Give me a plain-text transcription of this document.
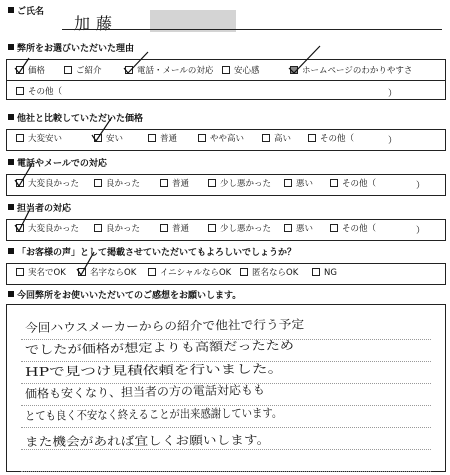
ご氏名
加藤
弊所をお選びいただいた理由
価格	ご紹介	電話・メールの対応	安心感	ホームページのわかりやすさ
その他（	）
他社と比較していただいた価格
大変安い	安い	普通	やや高い	高い	その他（	）
電話やメールでの対応
大変良かった	良かった	普通	少し悪かった	悪い	その他（	）
担当者の対応
大変良かった	良かった	普通	少し悪かった	悪い	その他（	）
「お客様の声」として掲載させていただいてもよろしいでしょうか？
実名でOK	名字ならOK	イニシャルならOK	匿名ならOK	NG
今回弊所をお使いいただいてのご感想をお願いします。
今回ハウスメーカーからの紹介で他社で行う予定
でしたが価格が想定よりも高額だったため
HPで見つけ見積依頼を行いました。
価格も安くなり、担当者の方の電話対応もも
とても良く不安なく終えることが出来感謝しています。
また機会があれば宜しくお願いします。
